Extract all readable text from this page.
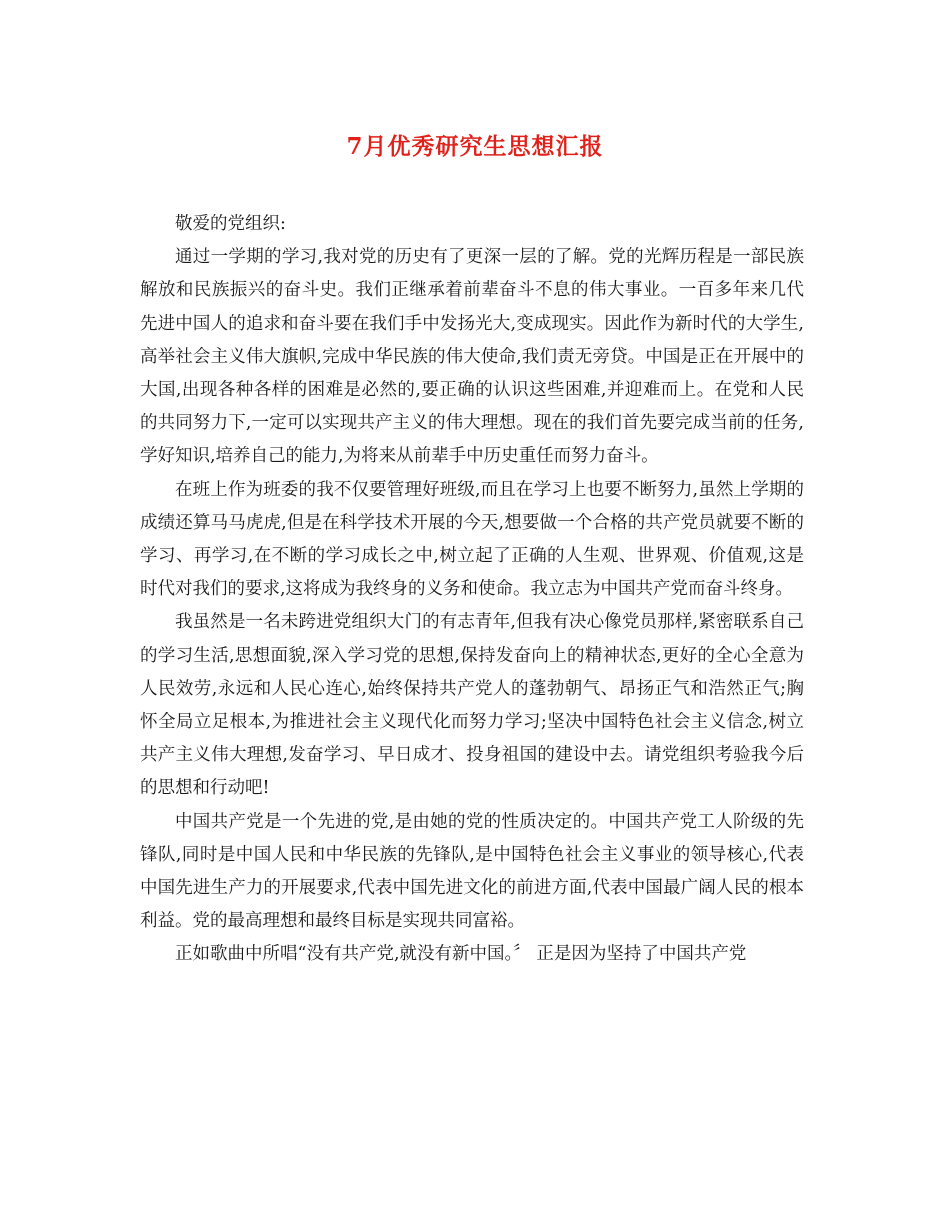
7月优秀研究生思想汇报

敬爱的党组织:

通过一学期的学习,我对党的历史有了更深一层的了解。党的光辉历程是一部民族解放和民族振兴的奋斗史。我们正继承着前辈奋斗不息的伟大事业。一百多年来几代先进中国人的追求和奋斗要在我们手中发扬光大,变成现实。因此作为新时代的大学生,高举社会主义伟大旗帜,完成中华民族的伟大使命,我们责无旁贷。中国是正在开展中的大国,出现各种各样的困难是必然的,要正确的认识这些困难,并迎难而上。在党和人民的共同努力下,一定可以实现共产主义的伟大理想。现在的我们首先要完成当前的任务,学好知识,培养自己的能力,为将来从前辈手中历史重任而努力奋斗。

在班上作为班委的我不仅要管理好班级,而且在学习上也要不断努力,虽然上学期的成绩还算马马虎虎,但是在科学技术开展的今天,想要做一个合格的共产党员就要不断的学习、再学习,在不断的学习成长之中,树立起了正确的人生观、世界观、价值观,这是时代对我们的要求,这将成为我终身的义务和使命。我立志为中国共产党而奋斗终身。

我虽然是一名未跨进党组织大门的有志青年,但我有决心像党员那样,紧密联系自己的学习生活,思想面貌,深入学习党的思想,保持发奋向上的精神状态,更好的全心全意为人民效劳,永远和人民心连心,始终保持共产党人的蓬勃朝气、昂扬正气和浩然正气;胸怀全局立足根本,为推进社会主义现代化而努力学习;坚决中国特色社会主义信念,树立共产主义伟大理想,发奋学习、早日成才、投身祖国的建设中去。请党组织考验我今后的思想和行动吧!

中国共产党是一个先进的党,是由她的党的性质决定的。中国共产党工人阶级的先锋队,同时是中国人民和中华民族的先锋队,是中国特色社会主义事业的领导核心,代表中国先进生产力的开展要求,代表中国先进文化的前进方面,代表中国最广阔人民的根本利益。党的最高理想和最终目标是实现共同富裕。

正如歌曲中所唱“没有共产党,就没有新中国。〞 正是因为坚持了中国共产党
